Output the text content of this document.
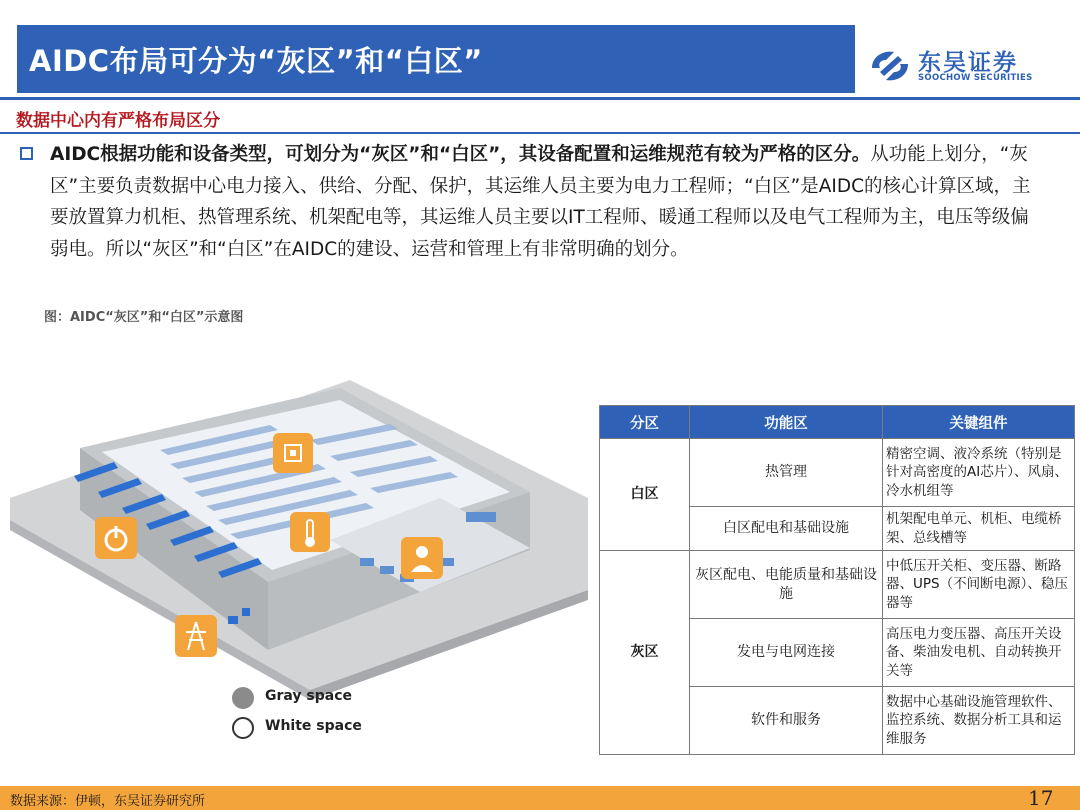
AIDC布局可分为“灰区”和“白区”	东吴证券
SOOCHOW SECURITIES
数据中心内有严格布局区分
AIDC根据功能和设备类型，可划分为“灰区”和“白区”，其设备配置和运维规范有较为严格的区分。从功能上划分，“灰区”主要负责数据中心电力接入、供给、分配、保护，其运维人员主要为电力工程师；“白区”是AIDC的核心计算区域，主要放置算力机柜、热管理系统、机架配电等，其运维人员主要以IT工程师、暖通工程师以及电气工程师为主，电压等级偏弱电。所以“灰区”和“白区”在AIDC的建设、运营和管理上有非常明确的划分。
图：AIDC“灰区”和“白区”示意图
Gray space
White space
分区	功能区	关键组件
白区	热管理	精密空调、液冷系统（特别是针对高密度的AI芯片）、风扇、冷水机组等
	白区配电和基础设施	机架配电单元、机柜、电缆桥架、总线槽等
灰区	灰区配电、电能质量和基础设施	中低压开关柜、变压器、断路器、UPS（不间断电源）、稳压器等
	发电与电网连接	高压电力变压器、高压开关设备、柴油发电机、自动转换开关等
	软件和服务	数据中心基础设施管理软件、监控系统、数据分析工具和运维服务
数据来源：伊顿，东吴证券研究所	17
